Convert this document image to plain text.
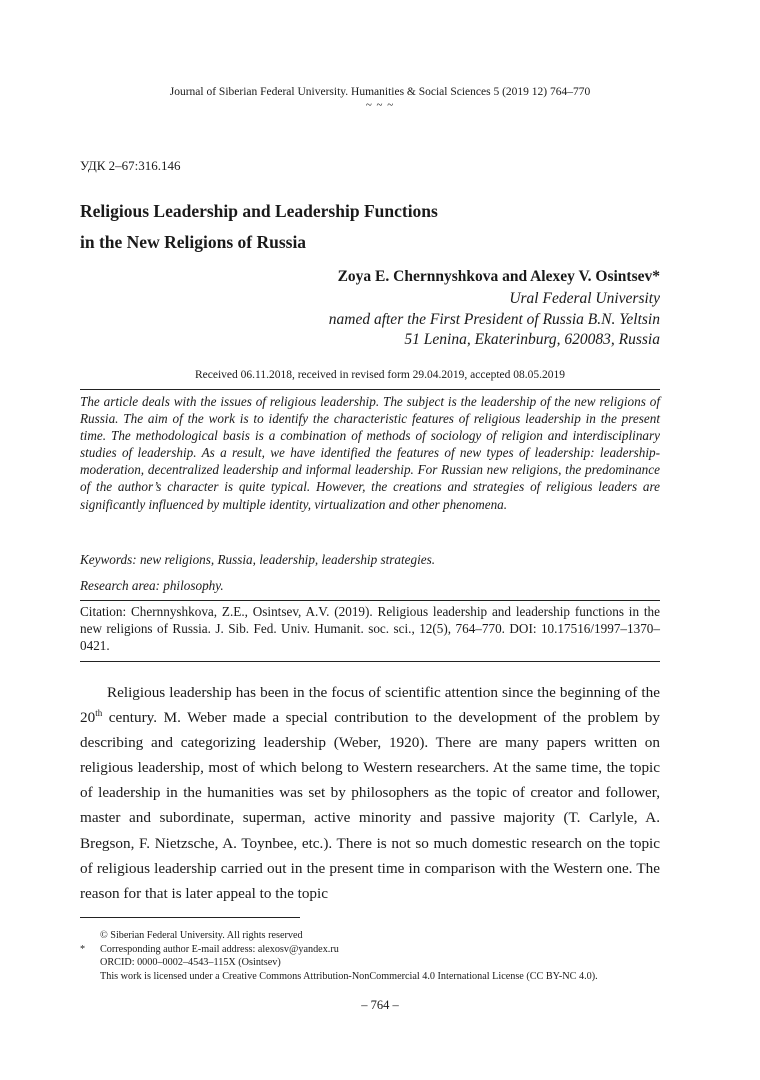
Journal of Siberian Federal University. Humanities & Social Sciences 5 (2019 12) 764–770
~ ~ ~
УДК 2–67:316.146
Religious Leadership and Leadership Functions
in the New Religions of Russia
Zoya E. Chernnyshkova and Alexey V. Osintsev*
Ural Federal University
named after the First President of Russia B.N. Yeltsin
51 Lenina, Ekaterinburg, 620083, Russia
Received 06.11.2018, received in revised form 29.04.2019, accepted 08.05.2019
The article deals with the issues of religious leadership. The subject is the leadership of the new religions of Russia. The aim of the work is to identify the characteristic features of religious leadership in the present time. The methodological basis is a combination of methods of sociology of religion and interdisciplinary studies of leadership. As a result, we have identified the features of new types of leadership: leadership-moderation, decentralized leadership and informal leadership. For Russian new religions, the predominance of the author’s character is quite typical. However, the creations and strategies of religious leaders are significantly influenced by multiple identity, virtualization and other phenomena.
Keywords: new religions, Russia, leadership, leadership strategies.
Research area: philosophy.
Citation: Chernnyshkova, Z.E., Osintsev, A.V. (2019). Religious leadership and leadership functions in the new religions of Russia. J. Sib. Fed. Univ. Humanit. soc. sci., 12(5), 764–770. DOI: 10.17516/1997–1370–0421.

Religious leadership has been in the focus of scientific attention since the beginning of the 20th century. M. Weber made a special contribution to the development of the problem by describing and categorizing leadership (Weber, 1920). There are many papers written on religious leadership, most of which belong to Western researchers. At the same time, the topic of leadership in the humanities was set by philosophers as the topic of creator and follower, master and subordinate, superman, active minority and passive majority (T. Carlyle, A. Bregson, F. Nietzsche, A. Toynbee, etc.). There is not so much domestic research on the topic of religious leadership carried out in the present time in comparison with the Western one. The reason for that is later appeal to the topic

© Siberian Federal University. All rights reserved
* Corresponding author E-mail address: alexosv@yandex.ru
ORCID: 0000–0002–4543–115X (Osintsev)
This work is licensed under a Creative Commons Attribution-NonCommercial 4.0 International License (CC BY-NC 4.0).
– 764 –
